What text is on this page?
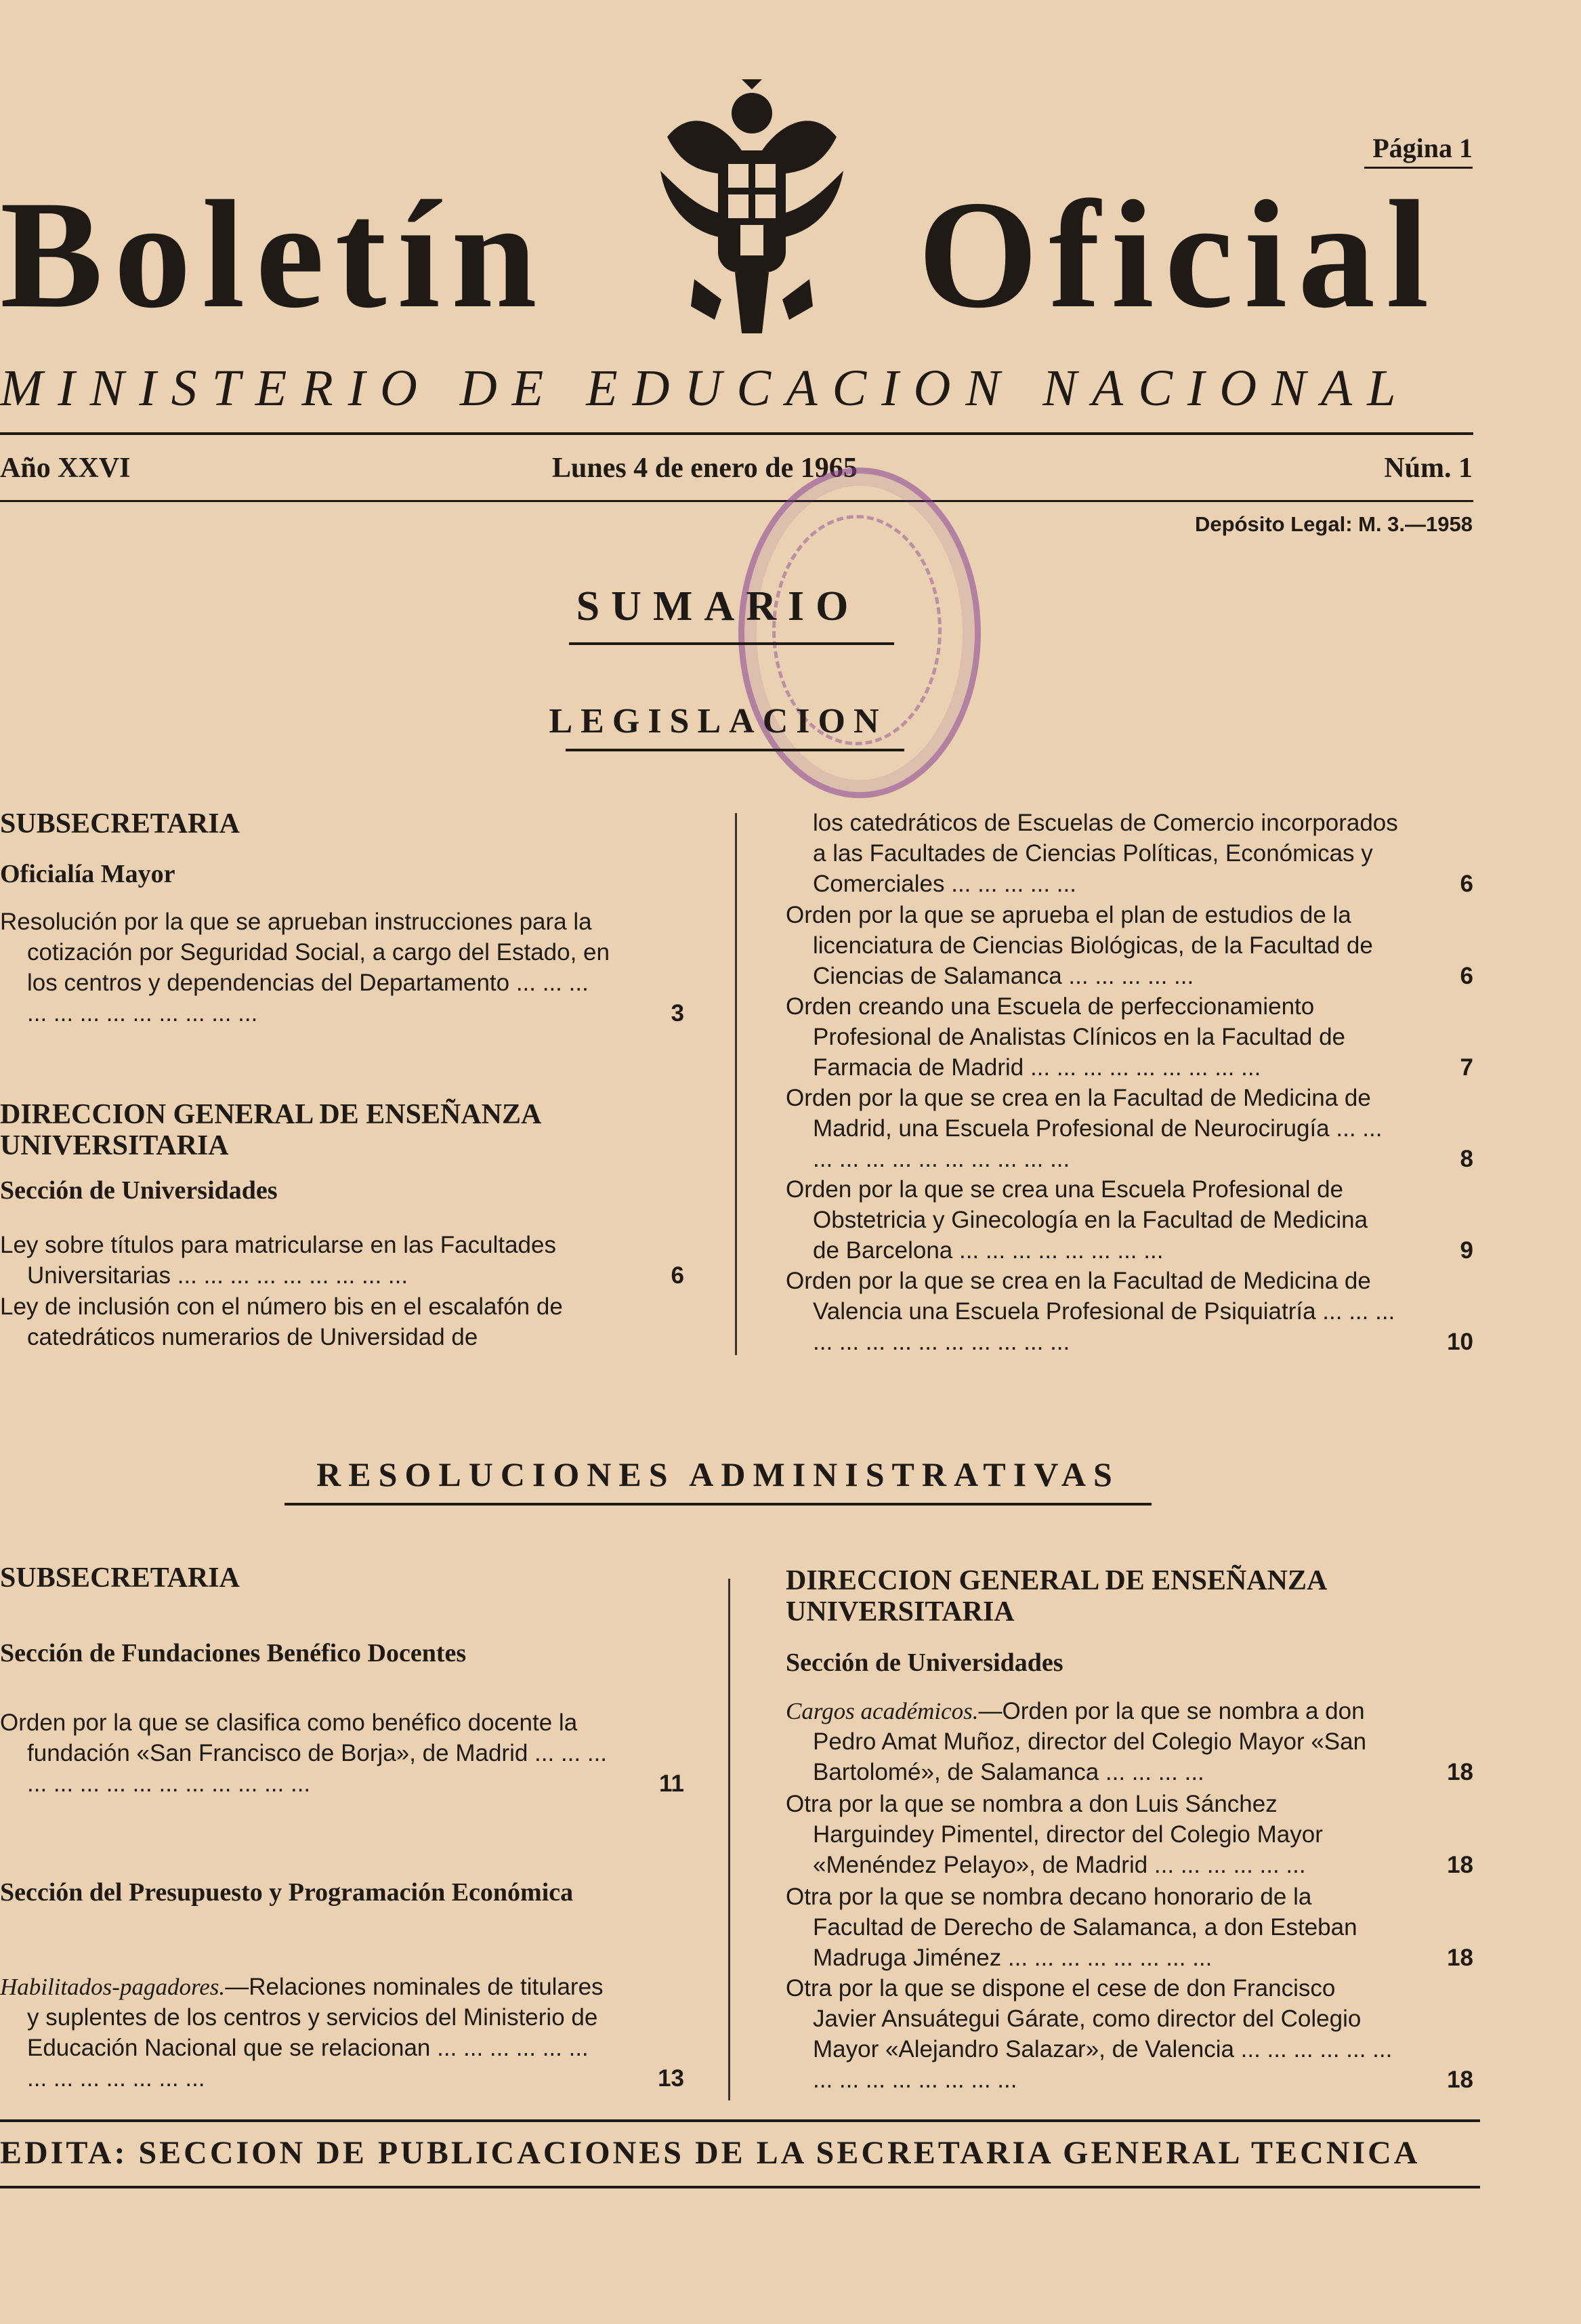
Página 1
Boletín Oficial
MINISTERIO DE EDUCACION NACIONAL
Año XXVI	Lunes 4 de enero de 1965	Núm. 1
Depósito Legal: M. 3.—1958
SUMARIO
LEGISLACION
SUBSECRETARIA
Oficialía Mayor
Resolución por la que se aprueban instrucciones para la cotización por Seguridad Social, a cargo del Estado, en los centros y dependencias del Departamento ... ... ... ... ... ... ... ... ... ... ... ...	3
DIRECCION GENERAL DE ENSEÑANZA UNIVERSITARIA
Sección de Universidades
Ley sobre títulos para matricularse en las Facultades Universitarias ... ... ... ... ... ... ... ... ...	6
Ley de inclusión con el número bis en el escalafón de catedráticos numerarios de Universidad de
los catedráticos de Escuelas de Comercio incorporados a las Facultades de Ciencias Políticas, Económicas y Comerciales ... ... ... ... ...	6
Orden por la que se aprueba el plan de estudios de la licenciatura de Ciencias Biológicas, de la Facultad de Ciencias de Salamanca ... ... ... ... ...	6
Orden creando una Escuela de perfeccionamiento Profesional de Analistas Clínicos en la Facultad de Farmacia de Madrid ... ... ... ... ... ... ... ... ...	7
Orden por la que se crea en la Facultad de Medicina de Madrid, una Escuela Profesional de Neurocirugía ... ... ... ... ... ... ... ... ... ... ... ...	8
Orden por la que se crea una Escuela Profesional de Obstetricia y Ginecología en la Facultad de Medicina de Barcelona ... ... ... ... ... ... ... ...	9
Orden por la que se crea en la Facultad de Medicina de Valencia una Escuela Profesional de Psiquiatría ... ... ... ... ... ... ... ... ... ... ... ... ...	10
RESOLUCIONES ADMINISTRATIVAS
SUBSECRETARIA
Sección de Fundaciones Benéfico Docentes
Orden por la que se clasifica como benéfico docente la fundación «San Francisco de Borja», de Madrid ... ... ... ... ... ... ... ... ... ... ... ... ... ...	11
Sección del Presupuesto y Programación Económica
Habilitados-pagadores.—Relaciones nominales de titulares y suplentes de los centros y servicios del Ministerio de Educación Nacional que se relacionan ... ... ... ... ... ... ... ... ... ... ... ... ...	13
DIRECCION GENERAL DE ENSEÑANZA UNIVERSITARIA
Sección de Universidades
Cargos académicos.—Orden por la que se nombra a don Pedro Amat Muñoz, director del Colegio Mayor «San Bartolomé», de Salamanca ... ... ... ...	18
Otra por la que se nombra a don Luis Sánchez Harguindey Pimentel, director del Colegio Mayor «Menéndez Pelayo», de Madrid ... ... ... ... ... ...	18
Otra por la que se nombra decano honorario de la Facultad de Derecho de Salamanca, a don Esteban Madruga Jiménez ... ... ... ... ... ... ... ...	18
Otra por la que se dispone el cese de don Francisco Javier Ansuátegui Gárate, como director del Colegio Mayor «Alejandro Salazar», de Valencia ... ... ... ... ... ... ... ... ... ... ... ... ... ...	18
EDITA: SECCION DE PUBLICACIONES DE LA SECRETARIA GENERAL TECNICA
